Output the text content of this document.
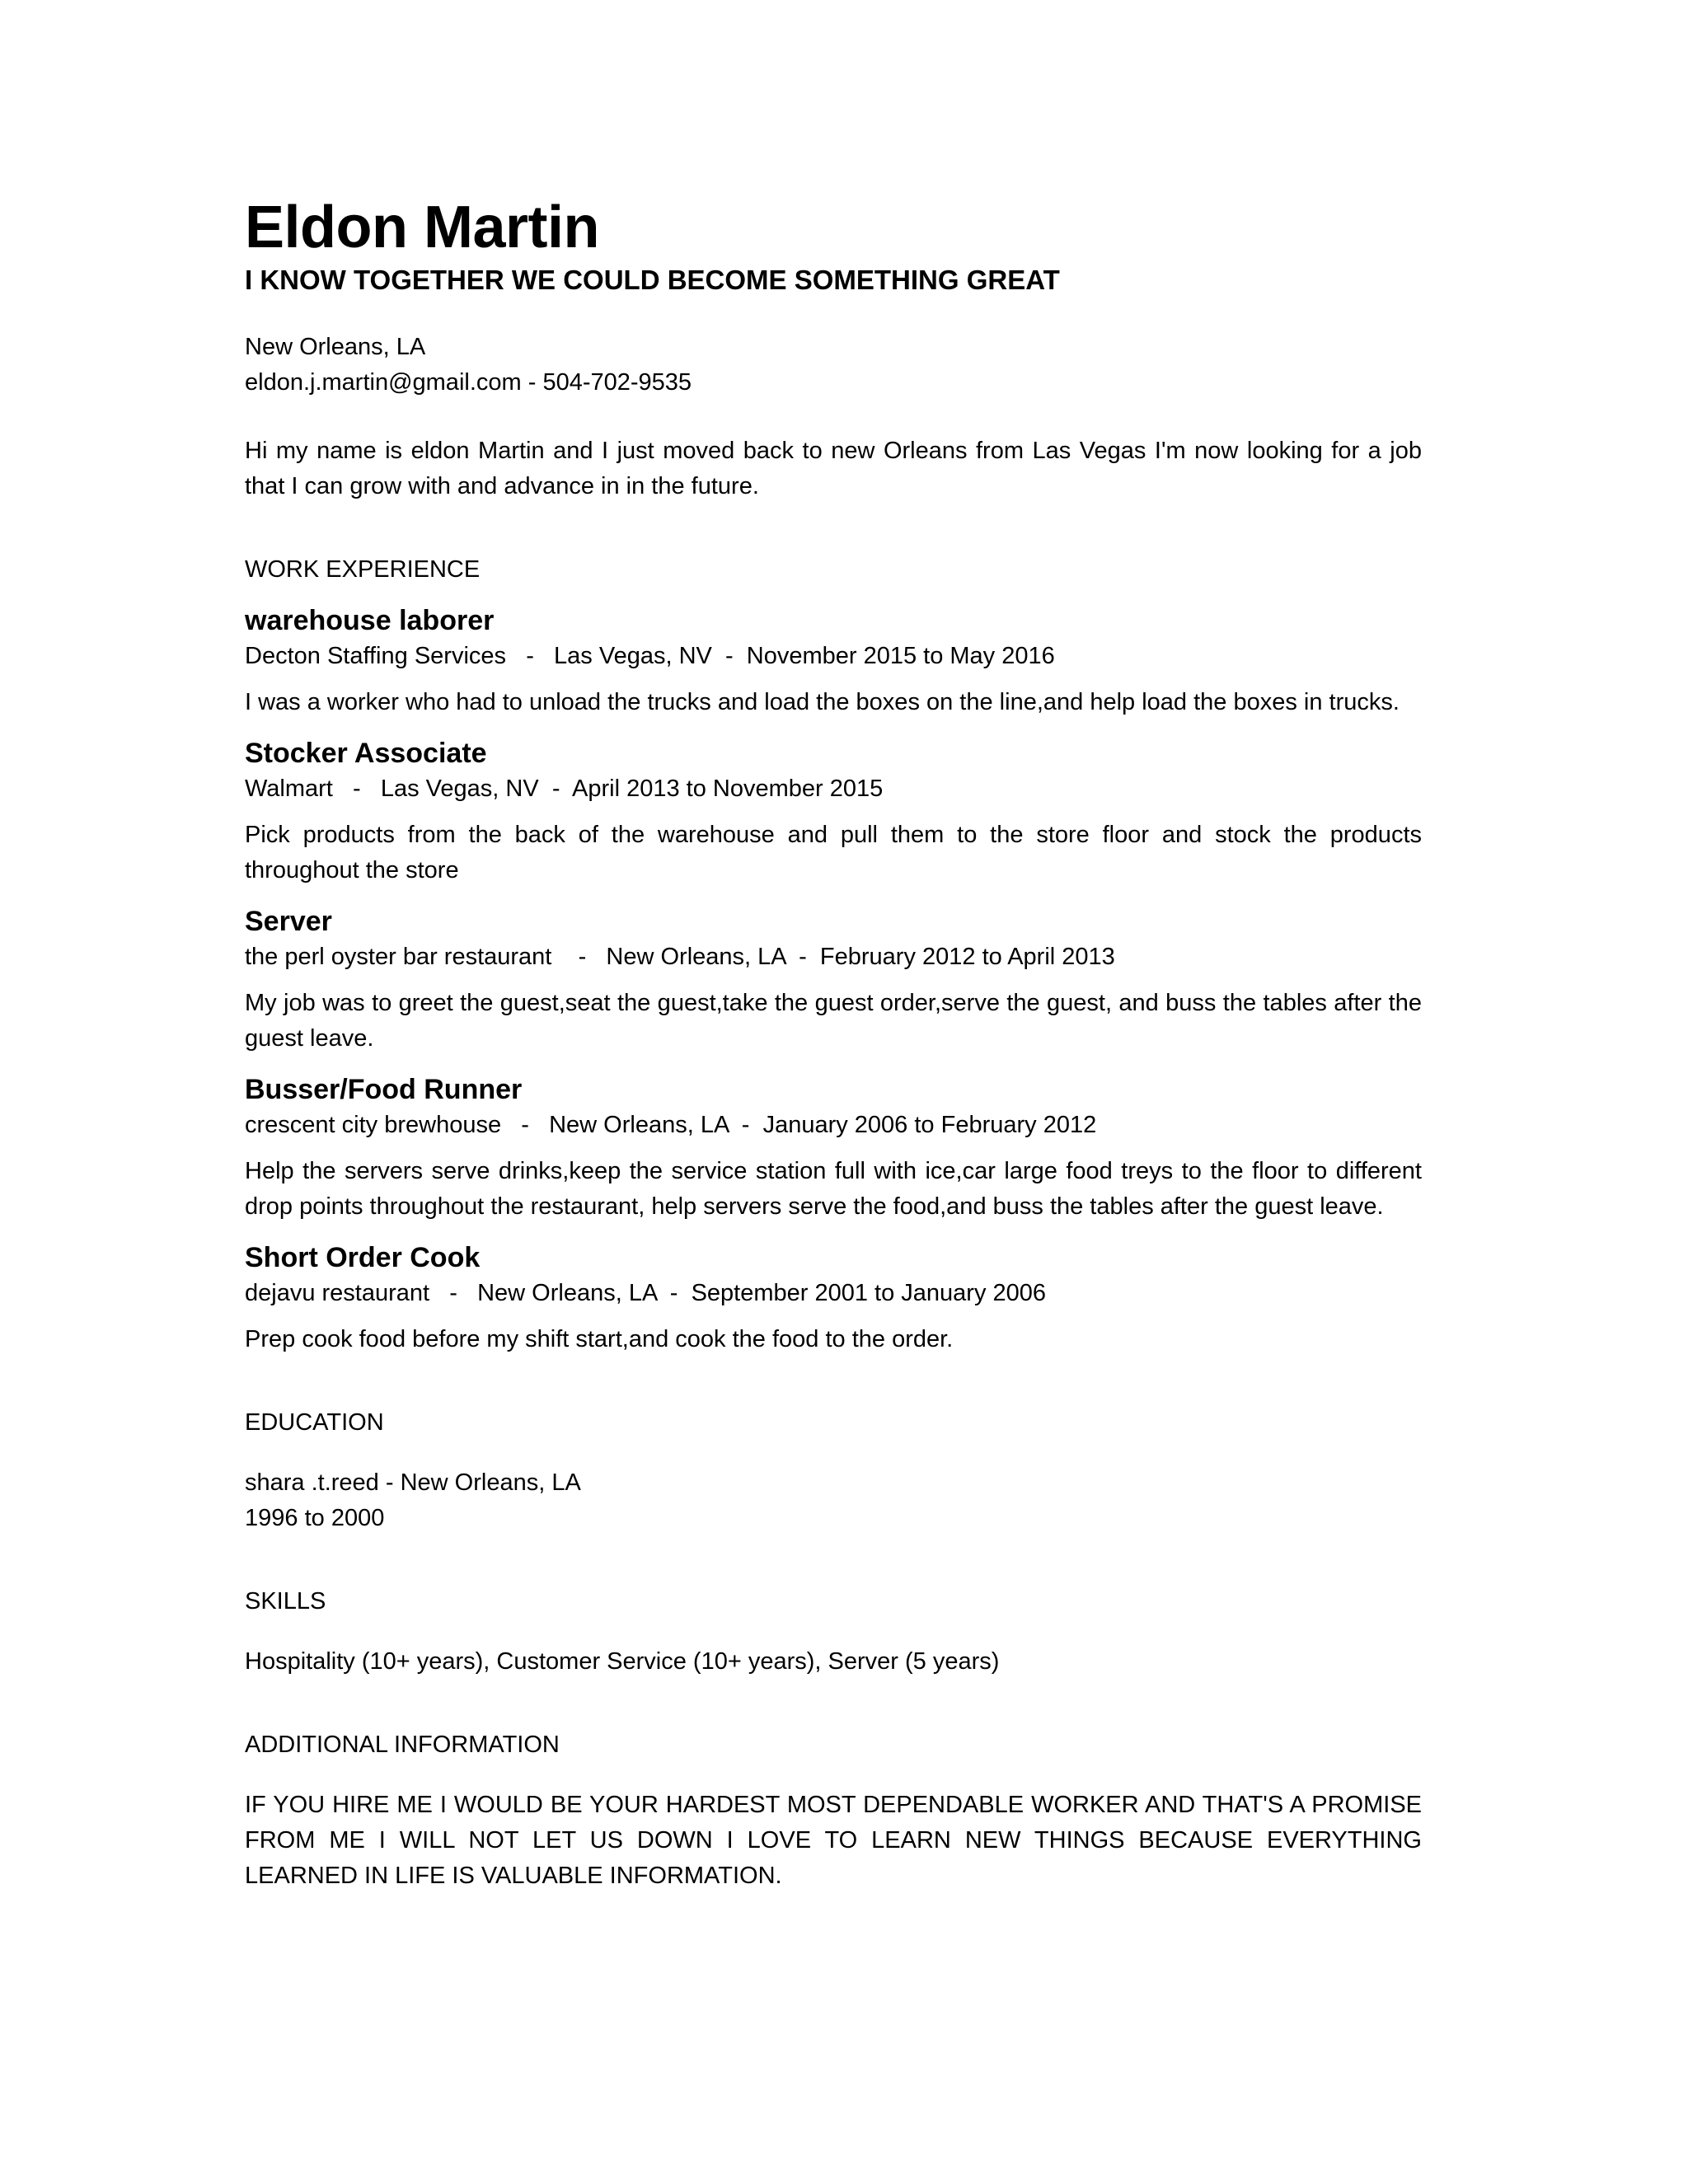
Eldon Martin
I KNOW TOGETHER WE COULD BECOME SOMETHING GREAT
New Orleans, LA
eldon.j.martin@gmail.com - 504-702-9535
Hi my name is eldon Martin and I just moved back to new Orleans from Las Vegas I'm now looking for a job that I can grow with and advance in in the future.
WORK EXPERIENCE
warehouse laborer
Decton Staffing Services   -   Las Vegas, NV  -  November 2015 to May 2016
I was a worker who had to unload the trucks and load the boxes on the line,and help load the boxes in trucks.
Stocker Associate
Walmart   -   Las Vegas, NV  -  April 2013 to November 2015
Pick products from the back of the warehouse and pull them to the store floor and stock the products throughout the store
Server
the perl oyster bar restaurant    -   New Orleans, LA  -  February 2012 to April 2013
My job was to greet the guest,seat the guest,take the guest order,serve the guest, and buss the tables after the guest leave.
Busser/Food Runner
crescent city brewhouse   -   New Orleans, LA  -  January 2006 to February 2012
Help the servers serve drinks,keep the service station full with ice,car large food treys to the floor to different drop points throughout the restaurant, help servers serve the food,and buss the tables after the guest leave.
Short Order Cook
dejavu restaurant   -   New Orleans, LA  -  September 2001 to January 2006
Prep cook food before my shift start,and cook the food to the order.
EDUCATION
shara .t.reed - New Orleans, LA
1996 to 2000
SKILLS
Hospitality (10+ years), Customer Service (10+ years), Server (5 years)
ADDITIONAL INFORMATION
IF YOU HIRE ME I WOULD BE YOUR HARDEST MOST DEPENDABLE WORKER AND THAT'S A PROMISE FROM ME I WILL NOT LET US DOWN I LOVE TO LEARN NEW THINGS BECAUSE EVERYTHING LEARNED IN LIFE IS VALUABLE INFORMATION.
